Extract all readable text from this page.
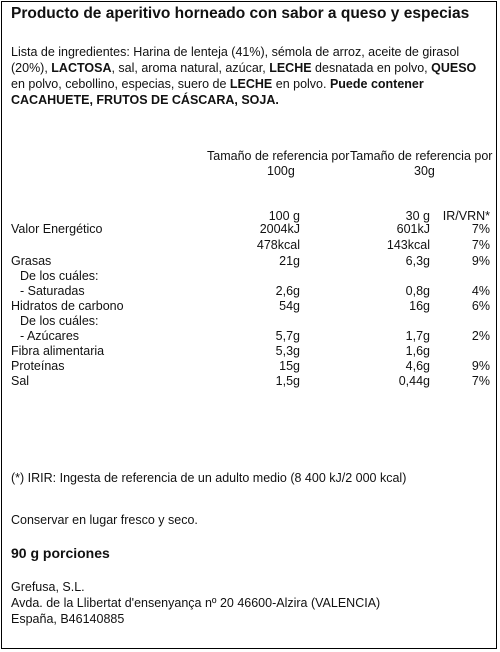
Producto de aperitivo horneado con sabor a queso y especias
Lista de ingredientes: Harina de lenteja (41%), sémola de arroz, aceite de girasol (20%), LACTOSA, sal, aroma natural, azúcar, LECHE desnatada en polvo, QUESO en polvo, cebollino, especias, suero de LECHE en polvo. Puede contener CACAHUETE, FRUTOS DE CÁSCARA, SOJA.
Tamaño de referencia por
100g
Tamaño de referencia por
30g
100 g	30 g	IR/VRN*
Valor Energético	2004kJ	601kJ	7%
478kcal	143kcal	7%
Grasas	21g	6,3g	9%
De los cuáles:
- Saturadas	2,6g	0,8g	4%
Hidratos de carbono	54g	16g	6%
De los cuáles:
- Azúcares	5,7g	1,7g	2%
Fibra alimentaria	5,3g	1,6g
Proteínas	15g	4,6g	9%
Sal	1,5g	0,44g	7%
(*) IRIR: Ingesta de referencia de un adulto medio (8 400 kJ/2 000 kcal)
Conservar en lugar fresco y seco.
90 g porciones
Grefusa, S.L.
Avda. de la Llibertat d'ensenyança nº 20 46600-Alzira (VALENCIA)
España, B46140885
